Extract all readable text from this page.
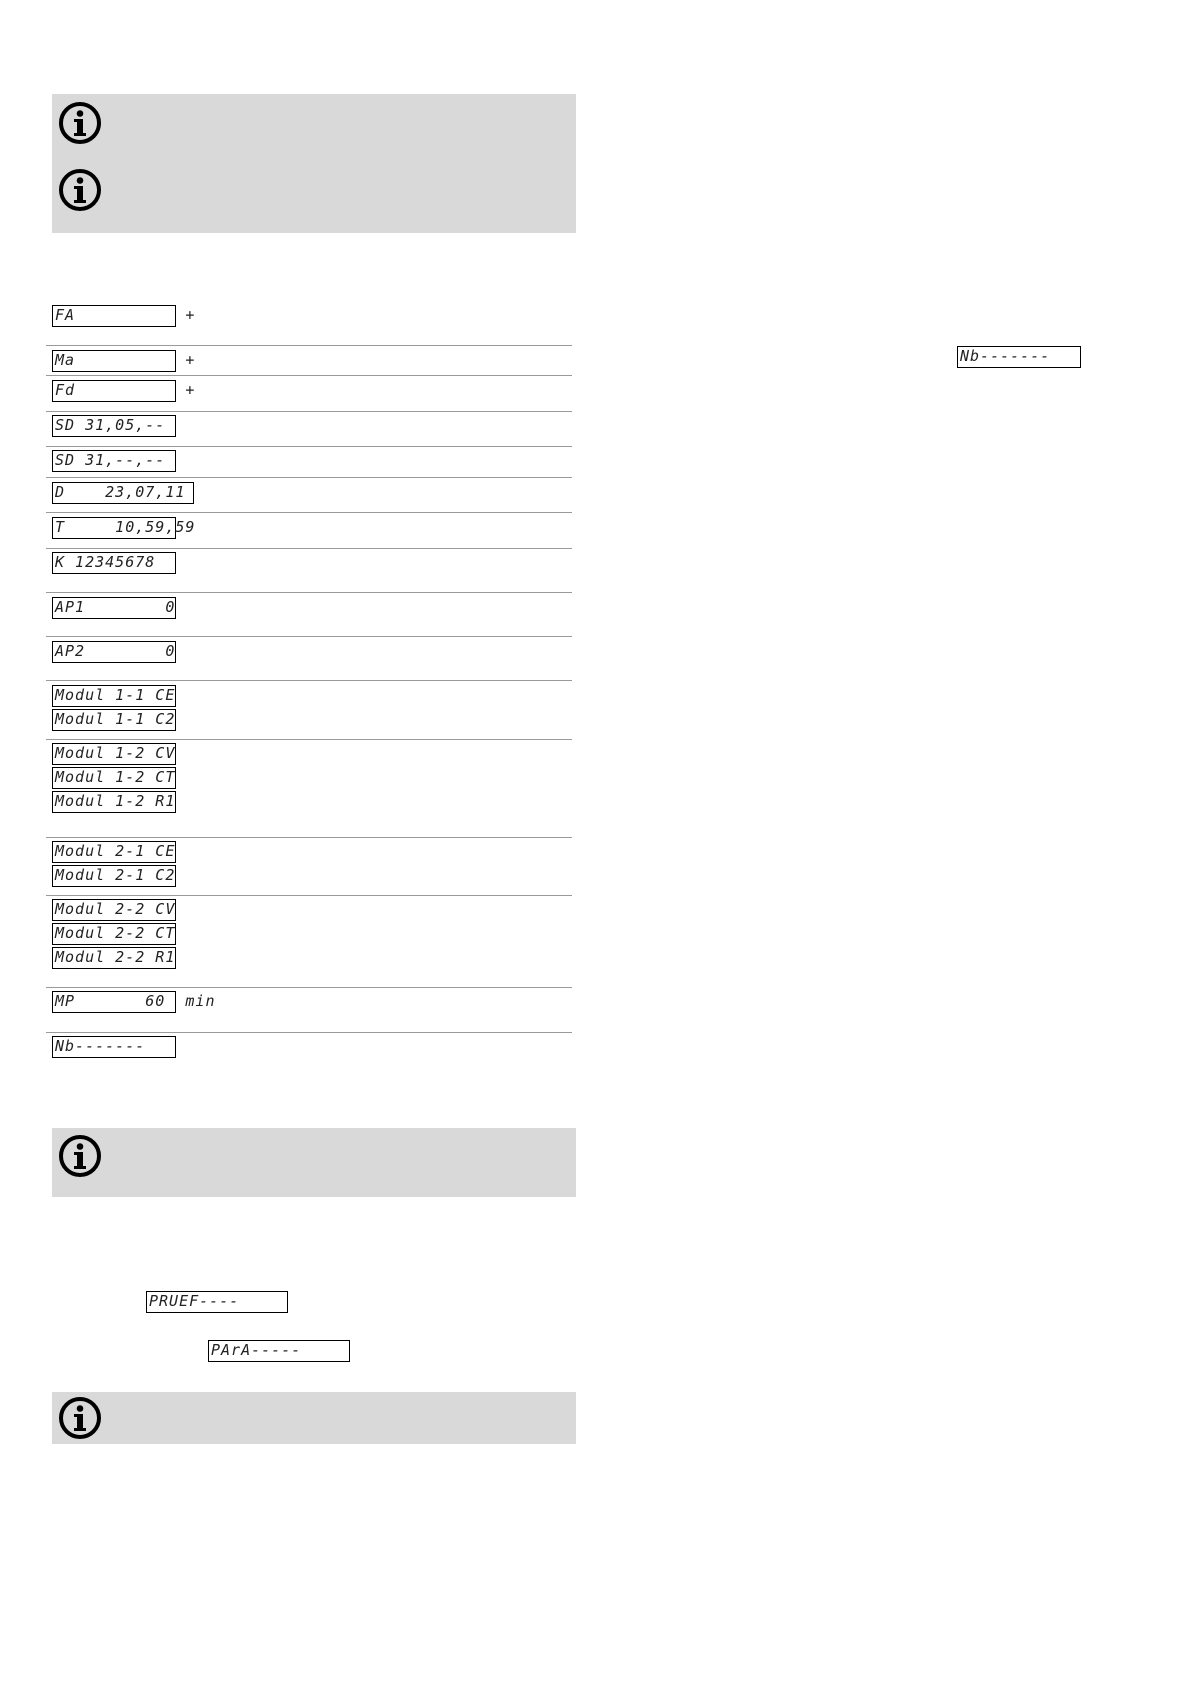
FA           +
Ma           +
Fd           +
SD 31,05,--
SD 31,--,--
D    23,07,11
T     10,59,59
K 12345678
AP1        0
AP2        0
Modul 1-1 CE
Modul 1-1 C2
Modul 1-2 CV
Modul 1-2 CT
Modul 1-2 R1
Modul 2-1 CE
Modul 2-1 C2
Modul 2-2 CV
Modul 2-2 CT
Modul 2-2 R1
MP       60  min
Nb-------
Nb-------
PRUEF----
PArA-----
